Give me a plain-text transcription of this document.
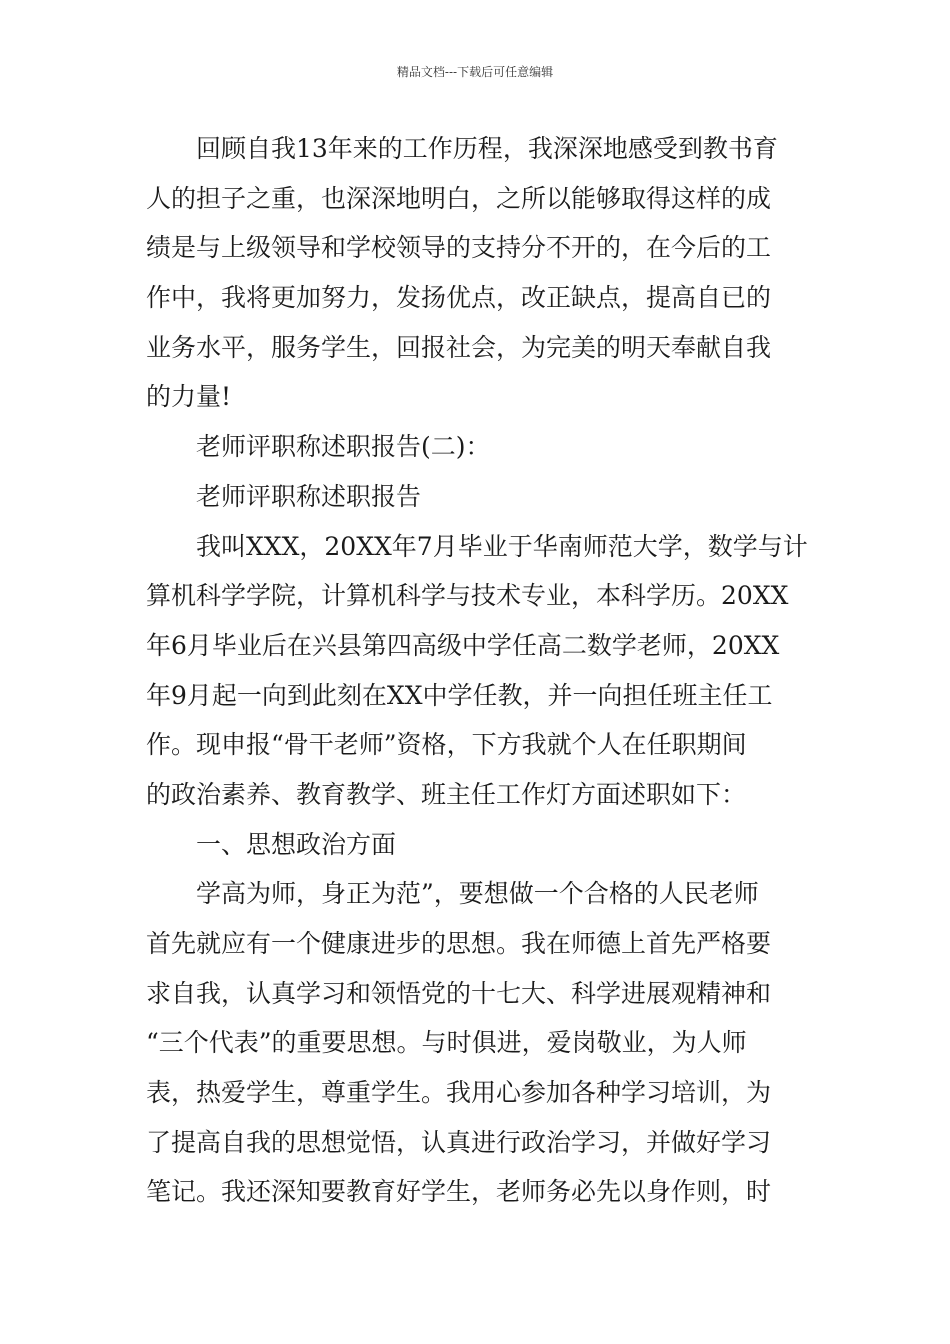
精品文档---下载后可任意编辑
回顾自我13年来的工作历程，我深深地感受到教书育
人的担子之重，也深深地明白，之所以能够取得这样的成
绩是与上级领导和学校领导的支持分不开的，在今后的工
作中，我将更加努力，发扬优点，改正缺点，提高自已的
业务水平，服务学生，回报社会，为完美的明天奉献自我
的力量!
老师评职称述职报告(二)：
老师评职称述职报告
我叫XXX，20XX年7月毕业于华南师范大学，数学与计
算机科学学院，计算机科学与技术专业，本科学历。20XX
年6月毕业后在兴县第四高级中学任高二数学老师，20XX
年9月起一向到此刻在XX中学任教，并一向担任班主任工
作。现申报“骨干老师”资格，下方我就个人在任职期间
的政治素养、教育教学、班主任工作灯方面述职如下：
一、思想政治方面
学高为师，身正为范”，要想做一个合格的人民老师
首先就应有一个健康进步的思想。我在师德上首先严格要
求自我，认真学习和领悟党的十七大、科学进展观精神和
“三个代表”的重要思想。与时俱进，爱岗敬业，为人师
表，热爱学生，尊重学生。我用心参加各种学习培训，为
了提高自我的思想觉悟，认真进行政治学习，并做好学习
笔记。我还深知要教育好学生，老师务必先以身作则，时
